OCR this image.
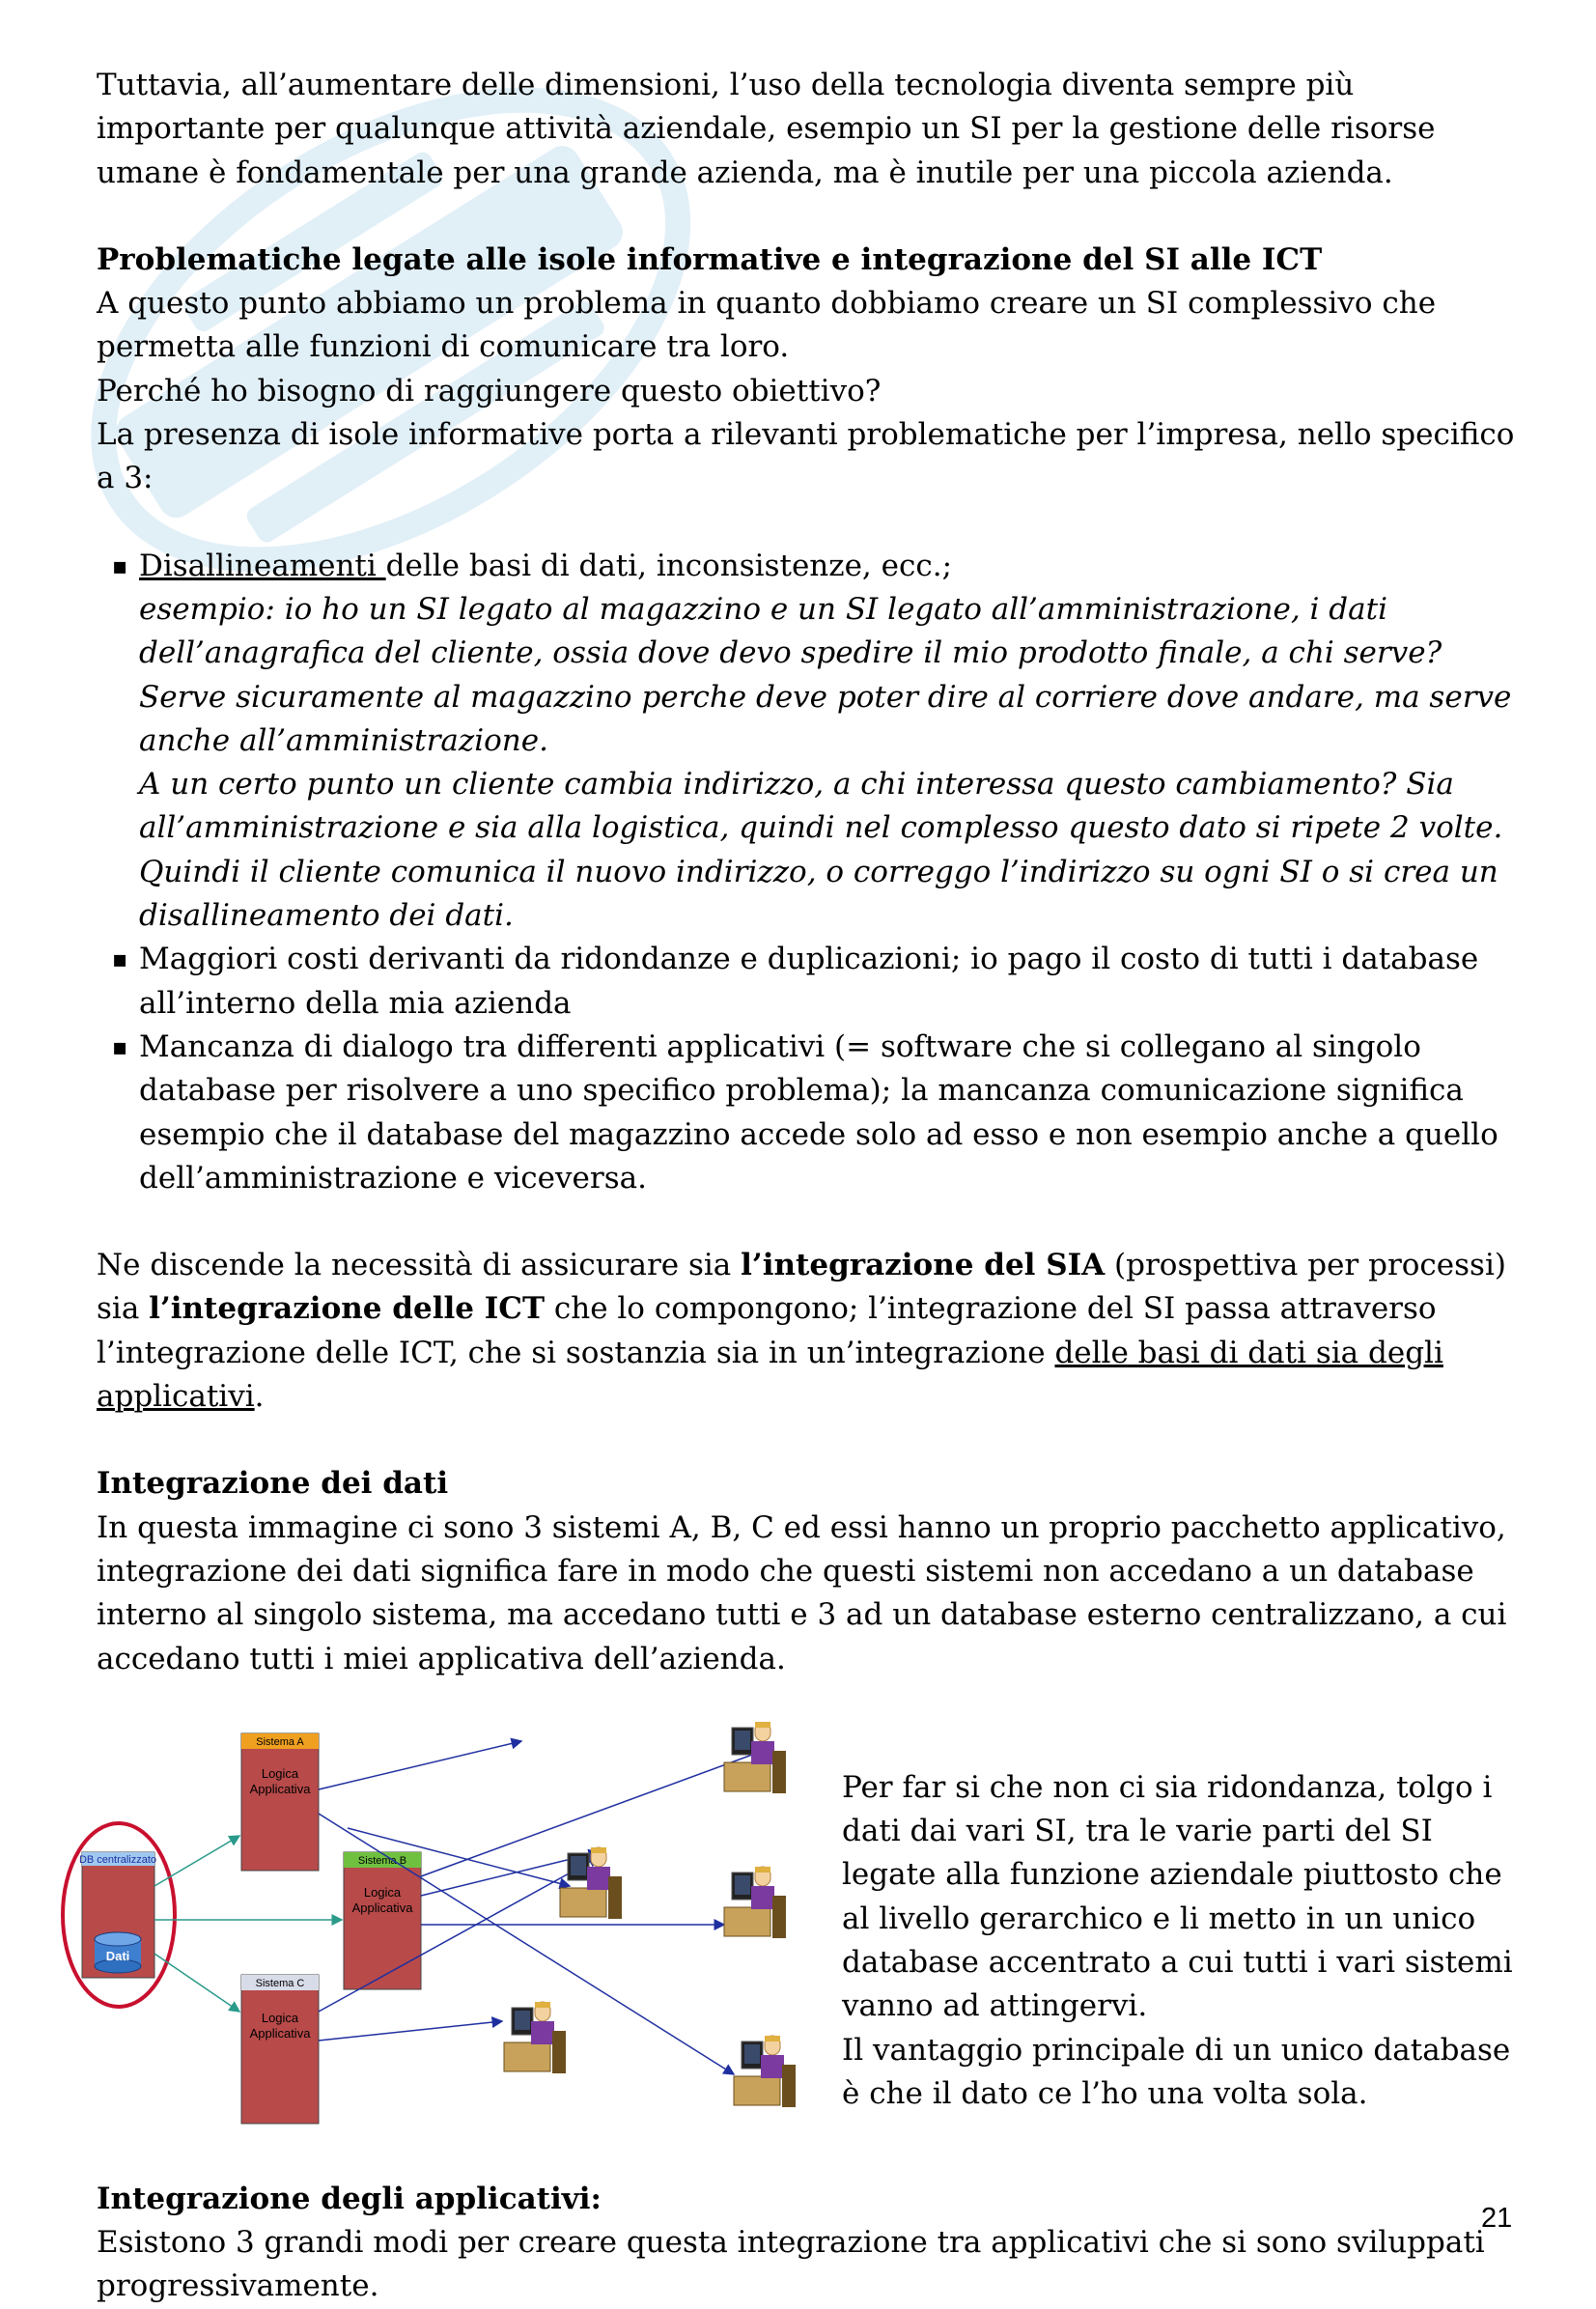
Tuttavia, all’aumentare delle dimensioni, l’uso della tecnologia diventa sempre più importante per qualunque attività aziendale, esempio un SI per la gestione delle risorse umane è fondamentale per una grande azienda, ma è inutile per una piccola azienda.

Problematiche legate alle isole informative e integrazione del SI alle ICT

A questo punto abbiamo un problema in quanto dobbiamo creare un SI complessivo che permetta alle funzioni di comunicare tra loro.

Perché ho bisogno di raggiungere questo obiettivo?

La presenza di isole informative porta a rilevanti problematiche per l’impresa, nello specifico a 3:

▪ Disallineamenti delle basi di dati, inconsistenze, ecc.;

esempio: io ho un SI legato al magazzino e un SI legato all’amministrazione, i dati dell’anagrafica del cliente, ossia dove devo spedire il mio prodotto finale, a chi serve? Serve sicuramente al magazzino perche deve poter dire al corriere dove andare, ma serve anche all’amministrazione.

A un certo punto un cliente cambia indirizzo, a chi interessa questo cambiamento? Sia all’amministrazione e sia alla logistica, quindi nel complesso questo dato si ripete 2 volte.

Quindi il cliente comunica il nuovo indirizzo, o correggo l’indirizzo su ogni SI o si crea un disallineamento dei dati.

▪ Maggiori costi derivanti da ridondanze e duplicazioni; io pago il costo di tutti i database all’interno della mia azienda

▪ Mancanza di dialogo tra differenti applicativi (= software che si collegano al singolo database per risolvere a uno specifico problema); la mancanza comunicazione significa esempio che il database del magazzino accede solo ad esso e non esempio anche a quello dell’amministrazione e viceversa.

Ne discende la necessità di assicurare sia l’integrazione del SIA (prospettiva per processi) sia l’integrazione delle ICT che lo compongono; l’integrazione del SI passa attraverso l’integrazione delle ICT, che si sostanzia sia in un’integrazione delle basi di dati sia degli applicativi.

Integrazione dei dati

In questa immagine ci sono 3 sistemi A, B, C ed essi hanno un proprio pacchetto applicativo, integrazione dei dati significa fare in modo che questi sistemi non accedano a un database interno al singolo sistema, ma accedano tutti e 3 ad un database esterno centralizzano, a cui accedano tutti i miei applicativa dell’azienda.

DB centralizzato
Dati
Sistema A
Logica
Applicativa
Sistema B
Logica
Applicativa
Sistema C
Logica
Applicativa

Per far si che non ci sia ridondanza, tolgo i dati dai vari SI, tra le varie parti del SI legate alla funzione aziendale piuttosto che al livello gerarchico e li metto in un unico database accentrato a cui tutti i vari sistemi vanno ad attingervi.

Il vantaggio principale di un unico database è che il dato ce l’ho una volta sola.

Integrazione degli applicativi:

Esistono 3 grandi modi per creare questa integrazione tra applicativi che si sono sviluppati progressivamente.

21
